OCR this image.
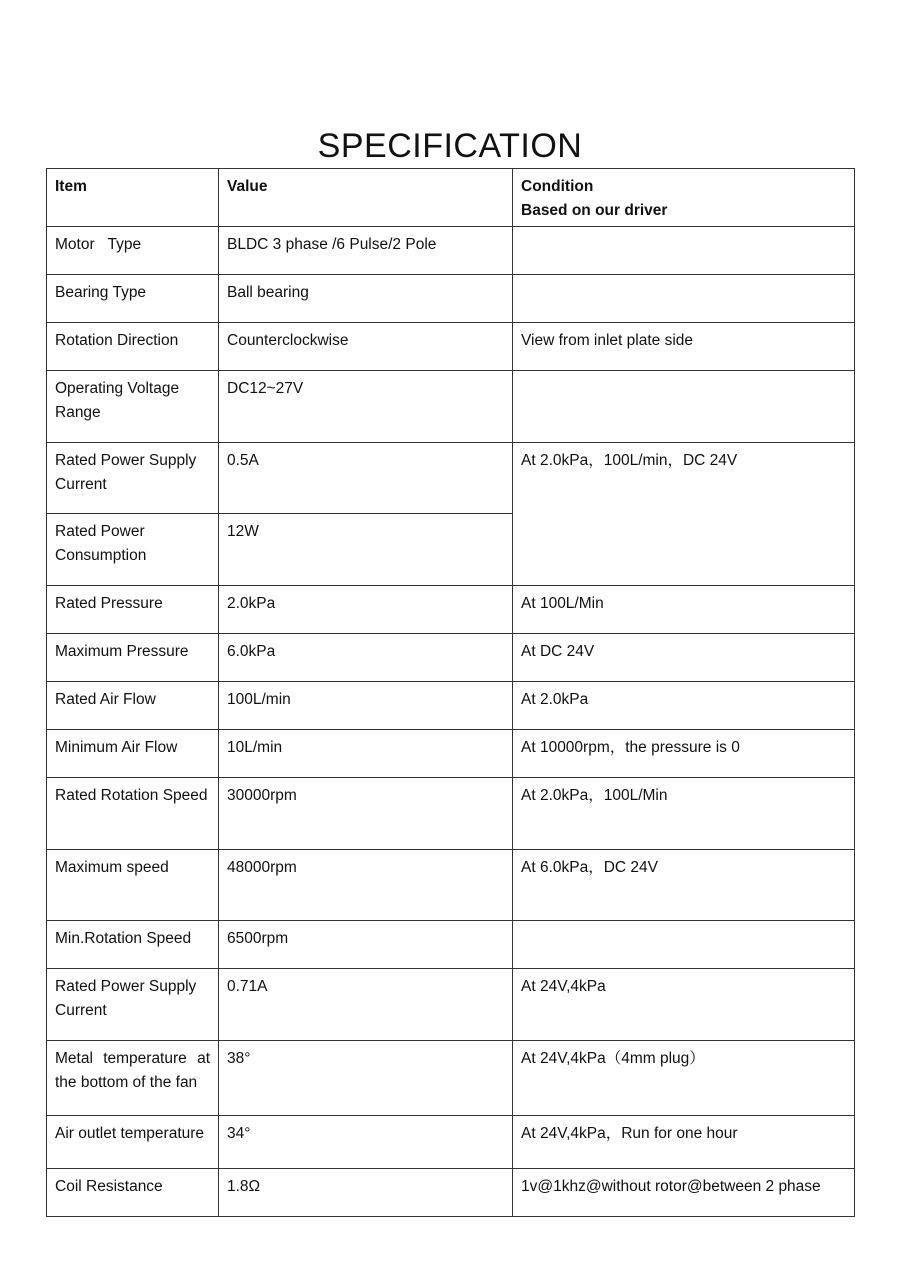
SPECIFICATION
Item	Value	Condition
Based on our driver
Motor   Type	BLDC 3 phase /6 Pulse/2 Pole	
Bearing Type	Ball bearing	
Rotation Direction	Counterclockwise	View from inlet plate side
Operating Voltage Range	DC12~27V	
Rated Power Supply Current	0.5A	At 2.0kPa，100L/min，DC 24V
Rated Power Consumption	12W	
Rated Pressure	2.0kPa	At 100L/Min
Maximum Pressure	6.0kPa	At DC 24V
Rated Air Flow	100L/min	At 2.0kPa
Minimum Air Flow	10L/min	At 10000rpm，the pressure is 0
Rated Rotation Speed	30000rpm	At 2.0kPa，100L/Min
Maximum speed	48000rpm	At 6.0kPa，DC 24V
Min.Rotation Speed	6500rpm	
Rated Power Supply Current	0.71A	At 24V,4kPa
Metal temperature at the bottom of the fan	38°	At 24V,4kPa（4mm plug）
Air outlet temperature	34°	At 24V,4kPa，Run for one hour
Coil Resistance	1.8Ω	1v@1khz@without rotor@between 2 phase
